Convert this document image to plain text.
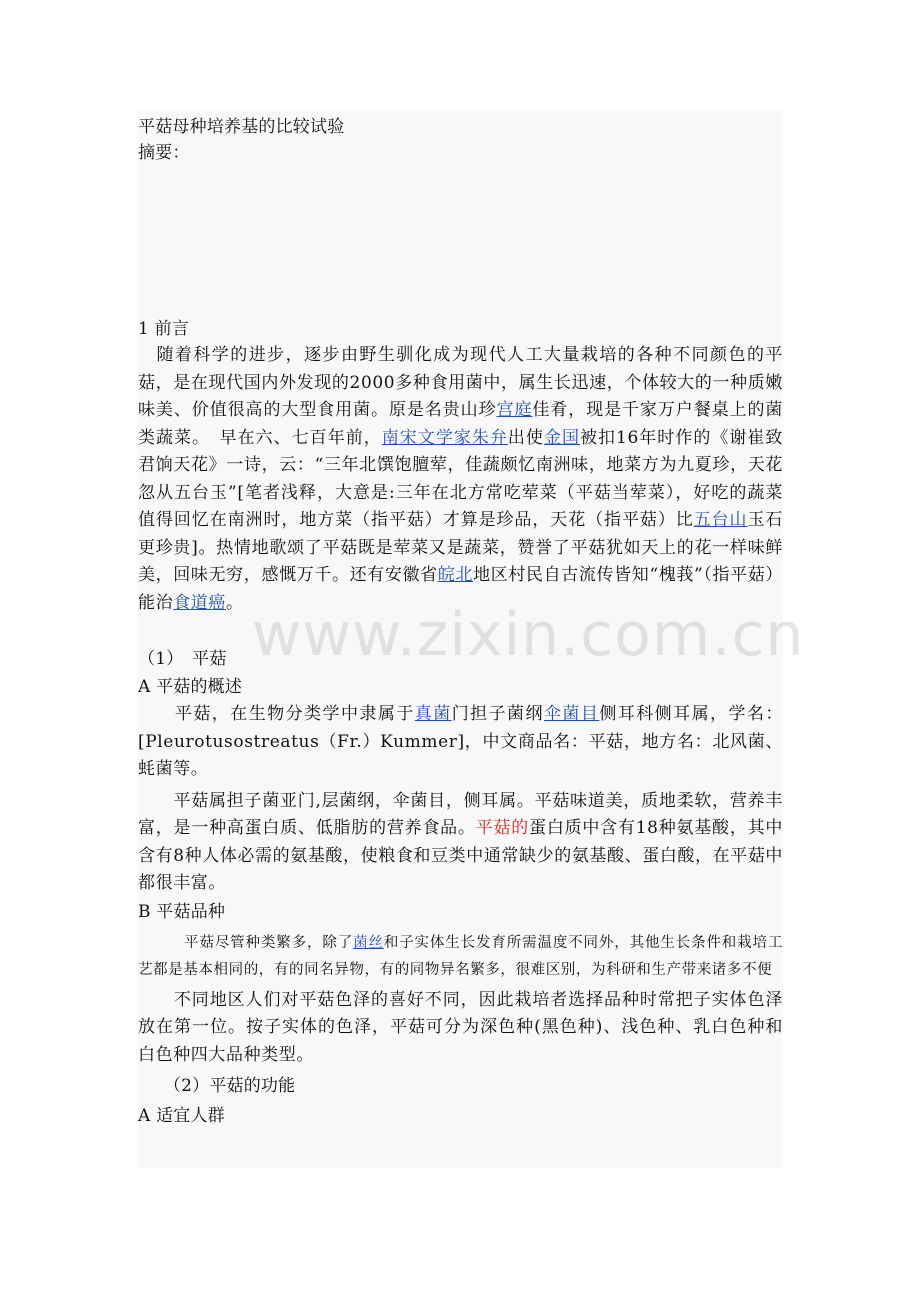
平菇母种培养基的比较试验

摘要：

1 前言

　随着科学的进步，逐步由野生驯化成为现代人工大量栽培的各种不同颜色的平菇，是在现代国内外发现的2000多种食用菌中，属生长迅速，个体较大的一种质嫩味美、价值很高的大型食用菌。原是名贵山珍宫庭佳肴，现是千家万户餐桌上的菌类蔬菜。　早在六、七百年前，南宋文学家朱弁出使金国被扣16年时作的《谢崔致君饷天花》一诗，云：“三年北馔饱膻荤，佳蔬颇忆南洲味，地菜方为九夏珍，天花忽从五台玉”[笔者浅释，大意是:三年在北方常吃荤菜（平菇当荤菜），好吃的蔬菜值得回忆在南洲时，地方菜（指平菇）才算是珍品，天花（指平菇）比五台山玉石更珍贵]。热情地歌颂了平菇既是荤菜又是蔬菜，赞誉了平菇犹如天上的花一样味鲜美，回味无穷，感慨万千。还有安徽省皖北地区村民自古流传皆知“槐莪”（指平菇）能治食道癌。

（1）　平菇

A 平菇的概述

　　平菇，在生物分类学中隶属于真菌门担子菌纲伞菌目侧耳科侧耳属，学名：[Pleurotusostreatus（Fr.）Kummer]，中文商品名：平菇，地方名：北风菌、蚝菌等。

　　平菇属担子菌亚门,层菌纲，伞菌目，侧耳属。平菇味道美，质地柔软，营养丰富，是一种高蛋白质、低脂肪的营养食品。平菇的蛋白质中含有18种氨基酸，其中含有8种人体必需的氨基酸，使粮食和豆类中通常缺少的氨基酸、蛋白酸，在平菇中都很丰富。

B 平菇品种

　　　平菇尽管种类繁多，除了菌丝和子实体生长发育所需温度不同外，其他生长条件和栽培工艺都是基本相同的，有的同名异物，有的同物异名繁多，很难区别，为科研和生产带来诸多不便

　　不同地区人们对平菇色泽的喜好不同，因此栽培者选择品种时常把子实体色泽放在第一位。按子实体的色泽，平菇可分为深色种(黑色种)、浅色种、乳白色种和白色种四大品种类型。

　　（2）平菇的功能

A 适宜人群

www.zixin.com.cn
